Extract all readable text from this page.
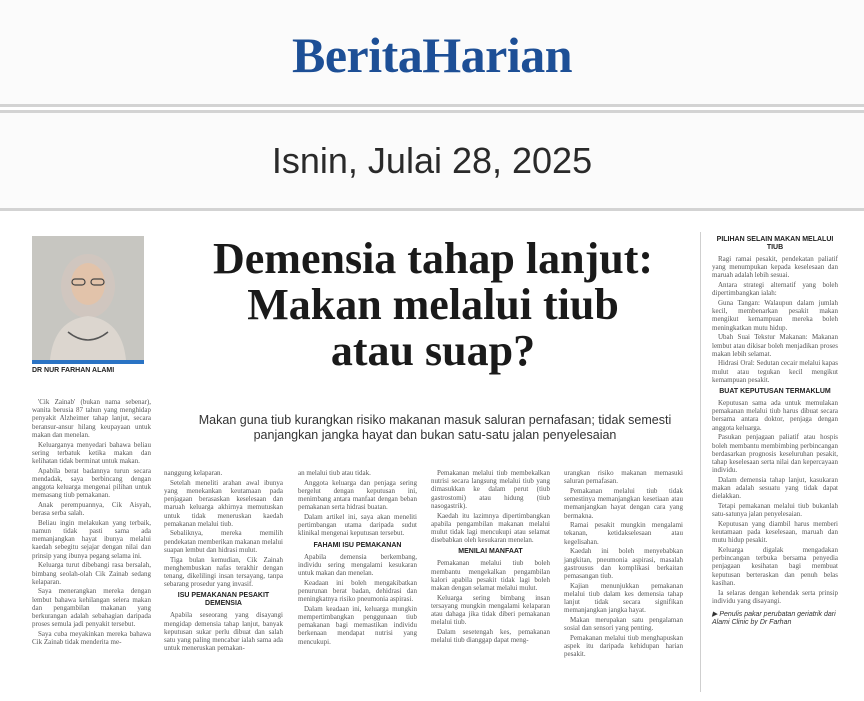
BeritaHarian
Isnin, Julai 28, 2025
DR NUR FARHAN ALAMI
Demensia tahap lanjut:
Makan melalui tiub
atau suap?
Makan guna tiub kurangkan risiko makanan masuk saluran pernafasan; tidak semesti panjangkan jangka hayat dan bukan satu-satu jalan penyelesaian

'Cik Zainab' (bukan nama sebenar), wanita berusia 87 tahun yang menghidap penyakit Alzheimer tahap lanjut, secara beransur-ansur hilang keupayaan untuk makan dan menelan.

Keluarganya menyedari bahawa beliau sering terbatuk ketika makan dan kelihatan tidak berminat untuk makan.

Apabila berat badannya turun secara mendadak, saya berbincang dengan anggota keluarga mengenai pilihan untuk memasang tiub pemakanan.

Anak perempuannya, Cik Aisyah, berasa serba salah.

Beliau ingin melakukan yang terbaik, namun tidak pasti sama ada memanjangkan hayat ibunya melalui kaedah sebegitu sejajar dengan nilai dan prinsip yang ibunya pegang selama ini.

Keluarga turut dibebangi rasa bersalah, bimbang seolah-olah Cik Zainab sedang kelaparan.

Saya menerangkan mereka dengan lembut bahawa kehilangan selera makan dan pengambilan makanan yang berkurangan adalah sebahagian daripada proses semula jadi penyakit tersebut.

Saya cuba meyakinkan mereka bahawa Cik Zainab tidak menderita me-

nanggung kelaparan.

Setelah meneliti arahan awal ibunya yang menekankan keutamaan pada penjagaan berasaskan keselesaan dan maruah keluarga akhirnya memutuskan untuk tidak meneruskan kaedah pemakanan melalui tiub.

Sebaliknya, mereka memilih pendekatan memberikan makanan melalui suapan lembut dan hidrasi mulut.

Tiga bulan kemudian, Cik Zainah menghembuskan nafas terakhir dengan tenang, dikelilingi insan tersayang, tanpa sebarang prosedur yang invasif.

ISU PEMAKANAN PESAKIT DEMENSIA

Apabila seseorang yang disayangi mengidap demensia tahap lanjut, banyak keputusan sukar perlu dibuat dan salah satu yang paling mencabar ialah sama ada untuk meneruskan pemakan-

an melalui tiub atau tidak.

Anggota keluarga dan penjaga sering bergelut dengan keputusan ini, menimbang antara manfaat dengan beban pemakanan serta hidrasi buatan.

Dalam artikel ini, saya akan meneliti pertimbangan utama daripada sudut klinikal mengenai keputusan tersebut.

FAHAMI ISU PEMAKANAN

Apabila demensia berkembang, individu sering mengalami kesukaran untuk makan dan menelan.

Keadaan ini boleh mengakibatkan penurunan berat badan, dehidrasi dan meningkatnya risiko pneumonia aspirasi.

Dalam keadaan ini, keluarga mungkin mempertimbangkan penggunaan tiub pemakanan bagi memastikan individu berkenaan mendapat nutrisi yang mencukupi.

Pemakanan melalui tiub membekalkan nutrisi secara langsung melalui tiub yang dimasukkan ke dalam perut (tiub gastrostomi) atau hidung (tiub nasogastrik).

Kaedah itu lazimnya dipertimbangkan apabila pengambilan makanan melalui mulut tidak lagi mencukupi atau selamat disebabkan oleh kesukaran menelan.

MENILAI MANFAAT

Pemakanan melalui tiub boleh membantu mengekalkan pengambilan kalori apabila pesakit tidak lagi boleh makan dengan selamat melalui mulut.

Keluarga sering bimbang insan tersayang mungkin mengalami kelaparan atau dahaga jika tidak diberi pemakanan melalui tiub.

Dalam sesetengah kes, pemakanan melalui tiub dianggap dapat meng-

urangkan risiko makanan memasuki saluran pernafasan.

Pemakanan melalui tiub tidak semestinya memanjangkan kesetiaan atau memanjangkan hayat dengan cara yang bermakna.

Ramai pesakit mungkin mengalami tekanan, ketidakselesaan atau kegelisahan.

Kaedah ini boleh menyebabkan jangkitan, pneumonia aspirasi, masalah gastrousus dan komplikasi berkaitan pemasangan tiub.

Kajian menunjukkan pemakanan melalui tiub dalam kes demensia tahap lanjut tidak secara signifikan memanjangkan jangka hayat.

Makan merupakan satu pengalaman sosial dan sensori yang penting.

Pemakanan melalui tiub menghapuskan aspek itu daripada kehidupan harian pesakit.

PILIHAN SELAIN MAKAN MELALUI TIUB

Ragi ramai pesakit, pendekatan paliatif yang menumpukan kepada keselesaan dan maruah adalah lebih sesuai.

Antara strategi alternatif yang boleh dipertimbangkan ialah:

Guna Tangan: Walaupun dalam jumlah kecil, membenarkan pesakit makan mengikut kemampuan mereka boleh meningkatkan mutu hidup.

Ubah Suai Tekstur Makanan: Makanan lembut atau dikisar boleh menjadikan proses makan lebih selamat.

Hidrasi Oral: Sedutan cecair melalui kapas mulut atau tegukan kecil mengikut kemampuan pesakit.

BUAT KEPUTUSAN TERMAKLUM

Keputusan sama ada untuk memulakan pemakanan melalui tiub harus dibuat secara bersama antara doktor, penjaga dengan anggota keluarga.

Pasukan penjagaan paliatif atau hospis boleh membantu membimbing perbincangan berdasarkan prognosis keseluruhan pesakit, tahap keselesaan serta nilai dan kepercayaan individu.

Dalam demensia tahap lanjut, kasukaran makan adalah sesuatu yang tidak dapat dielakkan.

Tetapi pemakanan melalui tiub bukanlah satu-satunya jalan penyelesaian.

Keputusan yang diambil harus memberi keutamaan pada keselesaan, maruah dan mutu hidup pesakit.

Keluarga digalak mengadakan perbincangan terbuka bersama penyedia penjagaan kesihatan bagi membuat keputusan berteraskan dan penuh belas kasihan.

Ia selaras dengan kehendak serta prinsip individu yang disayangi.

▶ Penulis pakar perubatan geriatrik dari Alami Clinic by Dr Farhan
